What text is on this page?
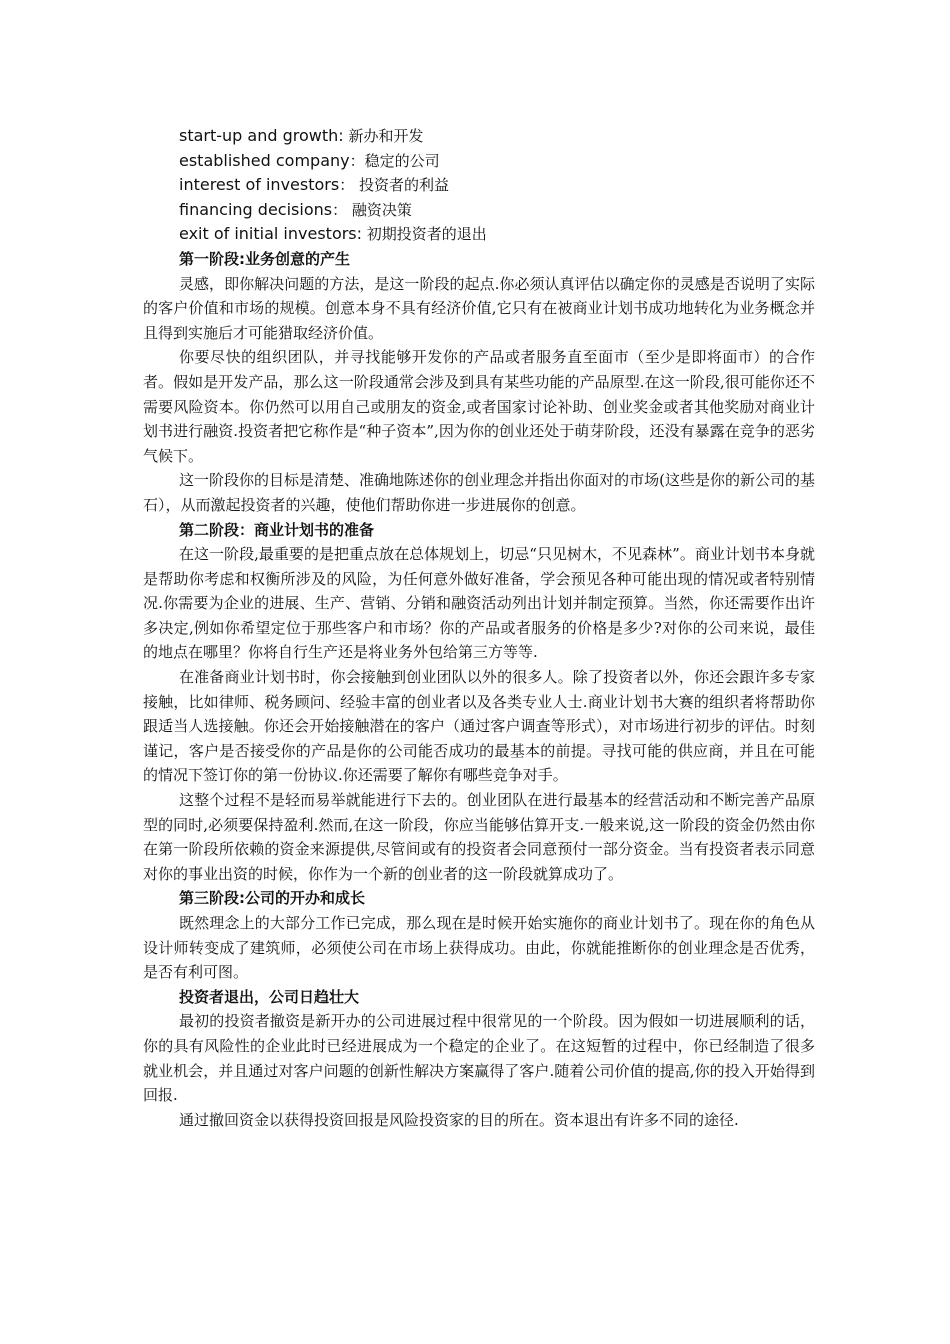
start-up and growth: 新办和开发
established company：稳定的公司
interest of investors： 投资者的利益
financing decisions： 融资决策
exit of initial investors: 初期投资者的退出
第一阶段:业务创意的产生

灵感，即你解决问题的方法，是这一阶段的起点.你必须认真评估以确定你的灵感是否说明了实际的客户价值和市场的规模。创意本身不具有经济价值,它只有在被商业计划书成功地转化为业务概念并且得到实施后才可能猎取经济价值。

你要尽快的组织团队，并寻找能够开发你的产品或者服务直至面市（至少是即将面市）的合作者。假如是开发产品，那么这一阶段通常会涉及到具有某些功能的产品原型.在这一阶段,很可能你还不需要风险资本。你仍然可以用自己或朋友的资金,或者国家讨论补助、创业奖金或者其他奖励对商业计划书进行融资.投资者把它称作是“种子资本”,因为你的创业还处于萌芽阶段，还没有暴露在竞争的恶劣气候下。

这一阶段你的目标是清楚、准确地陈述你的创业理念并指出你面对的市场(这些是你的新公司的基石），从而激起投资者的兴趣，使他们帮助你进一步进展你的创意。

第二阶段：商业计划书的准备

在这一阶段,最重要的是把重点放在总体规划上，切忌“只见树木，不见森林”。商业计划书本身就是帮助你考虑和权衡所涉及的风险，为任何意外做好准备，学会预见各种可能出现的情况或者特别情况.你需要为企业的进展、生产、营销、分销和融资活动列出计划并制定预算。当然，你还需要作出许多决定,例如你希望定位于那些客户和市场？你的产品或者服务的价格是多少?对你的公司来说，最佳的地点在哪里？你将自行生产还是将业务外包给第三方等等.

在准备商业计划书时，你会接触到创业团队以外的很多人。除了投资者以外，你还会跟许多专家接触，比如律师、税务顾问、经验丰富的创业者以及各类专业人士.商业计划书大赛的组织者将帮助你跟适当人选接触。你还会开始接触潜在的客户（通过客户调查等形式），对市场进行初步的评估。时刻谨记，客户是否接受你的产品是你的公司能否成功的最基本的前提。寻找可能的供应商，并且在可能的情况下签订你的第一份协议.你还需要了解你有哪些竞争对手。

这整个过程不是轻而易举就能进行下去的。创业团队在进行最基本的经营活动和不断完善产品原型的同时,必须要保持盈利.然而,在这一阶段，你应当能够估算开支.一般来说,这一阶段的资金仍然由你在第一阶段所依赖的资金来源提供,尽管间或有的投资者会同意预付一部分资金。当有投资者表示同意对你的事业出资的时候，你作为一个新的创业者的这一阶段就算成功了。

第三阶段:公司的开办和成长

既然理念上的大部分工作已完成，那么现在是时候开始实施你的商业计划书了。现在你的角色从设计师转变成了建筑师，必须使公司在市场上获得成功。由此，你就能推断你的创业理念是否优秀，是否有利可图。

投资者退出，公司日趋壮大

最初的投资者撤资是新开办的公司进展过程中很常见的一个阶段。因为假如一切进展顺利的话，你的具有风险性的企业此时已经进展成为一个稳定的企业了。在这短暂的过程中，你已经制造了很多就业机会，并且通过对客户问题的创新性解决方案赢得了客户.随着公司价值的提高,你的投入开始得到回报.

通过撤回资金以获得投资回报是风险投资家的目的所在。资本退出有许多不同的途径.
